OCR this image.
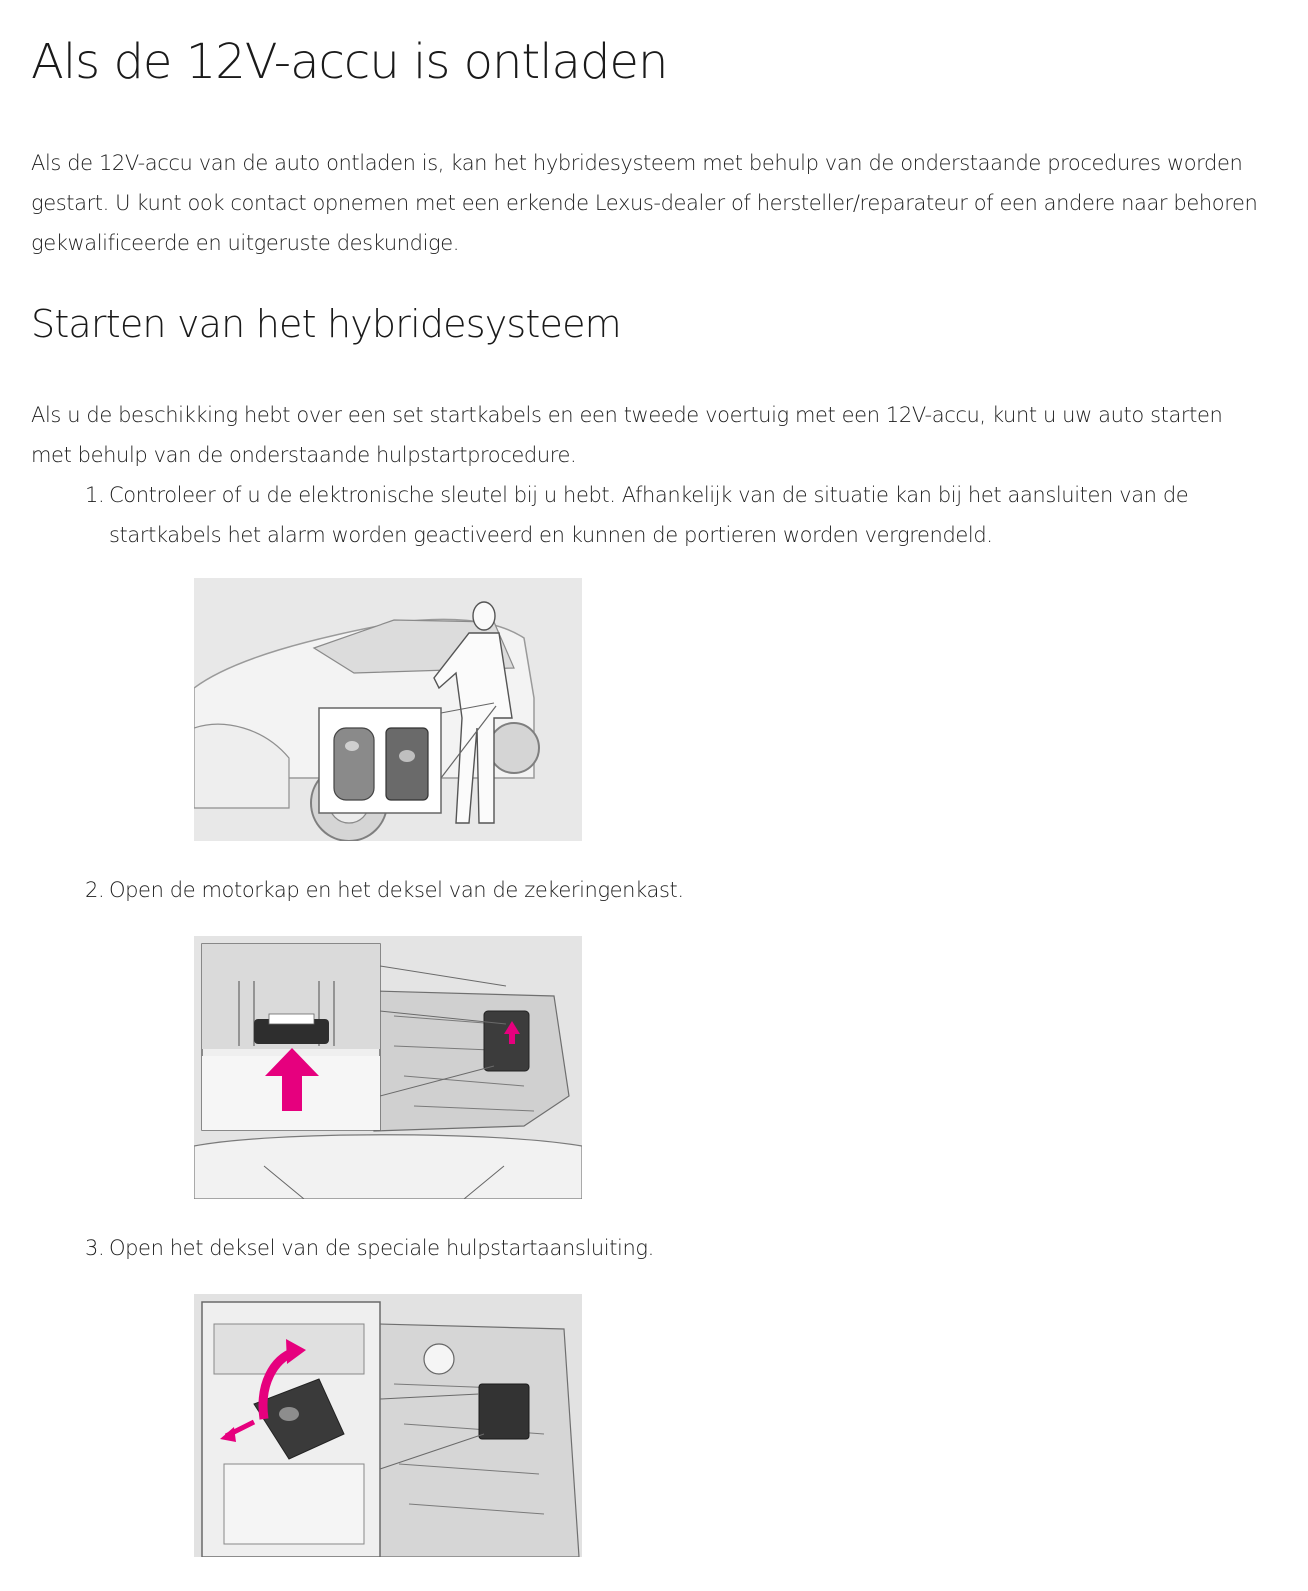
Als de 12V-accu is ontladen

Als de 12V-accu van de auto ontladen is, kan het hybridesysteem met behulp van de onderstaande procedures worden gestart. U kunt ook contact opnemen met een erkende Lexus-dealer of hersteller/reparateur of een andere naar behoren gekwalificeerde en uitgeruste deskundige.

Starten van het hybridesysteem

Als u de beschikking hebt over een set startkabels en een tweede voertuig met een 12V-accu, kunt u uw auto starten met behulp van de onderstaande hulpstartprocedure.

1. Controleer of u de elektronische sleutel bij u hebt. Afhankelijk van de situatie kan bij het aansluiten van de startkabels het alarm worden geactiveerd en kunnen de portieren worden vergrendeld.
2. Open de motorkap en het deksel van de zekeringenkast.
3. Open het deksel van de speciale hulpstartaansluiting.
